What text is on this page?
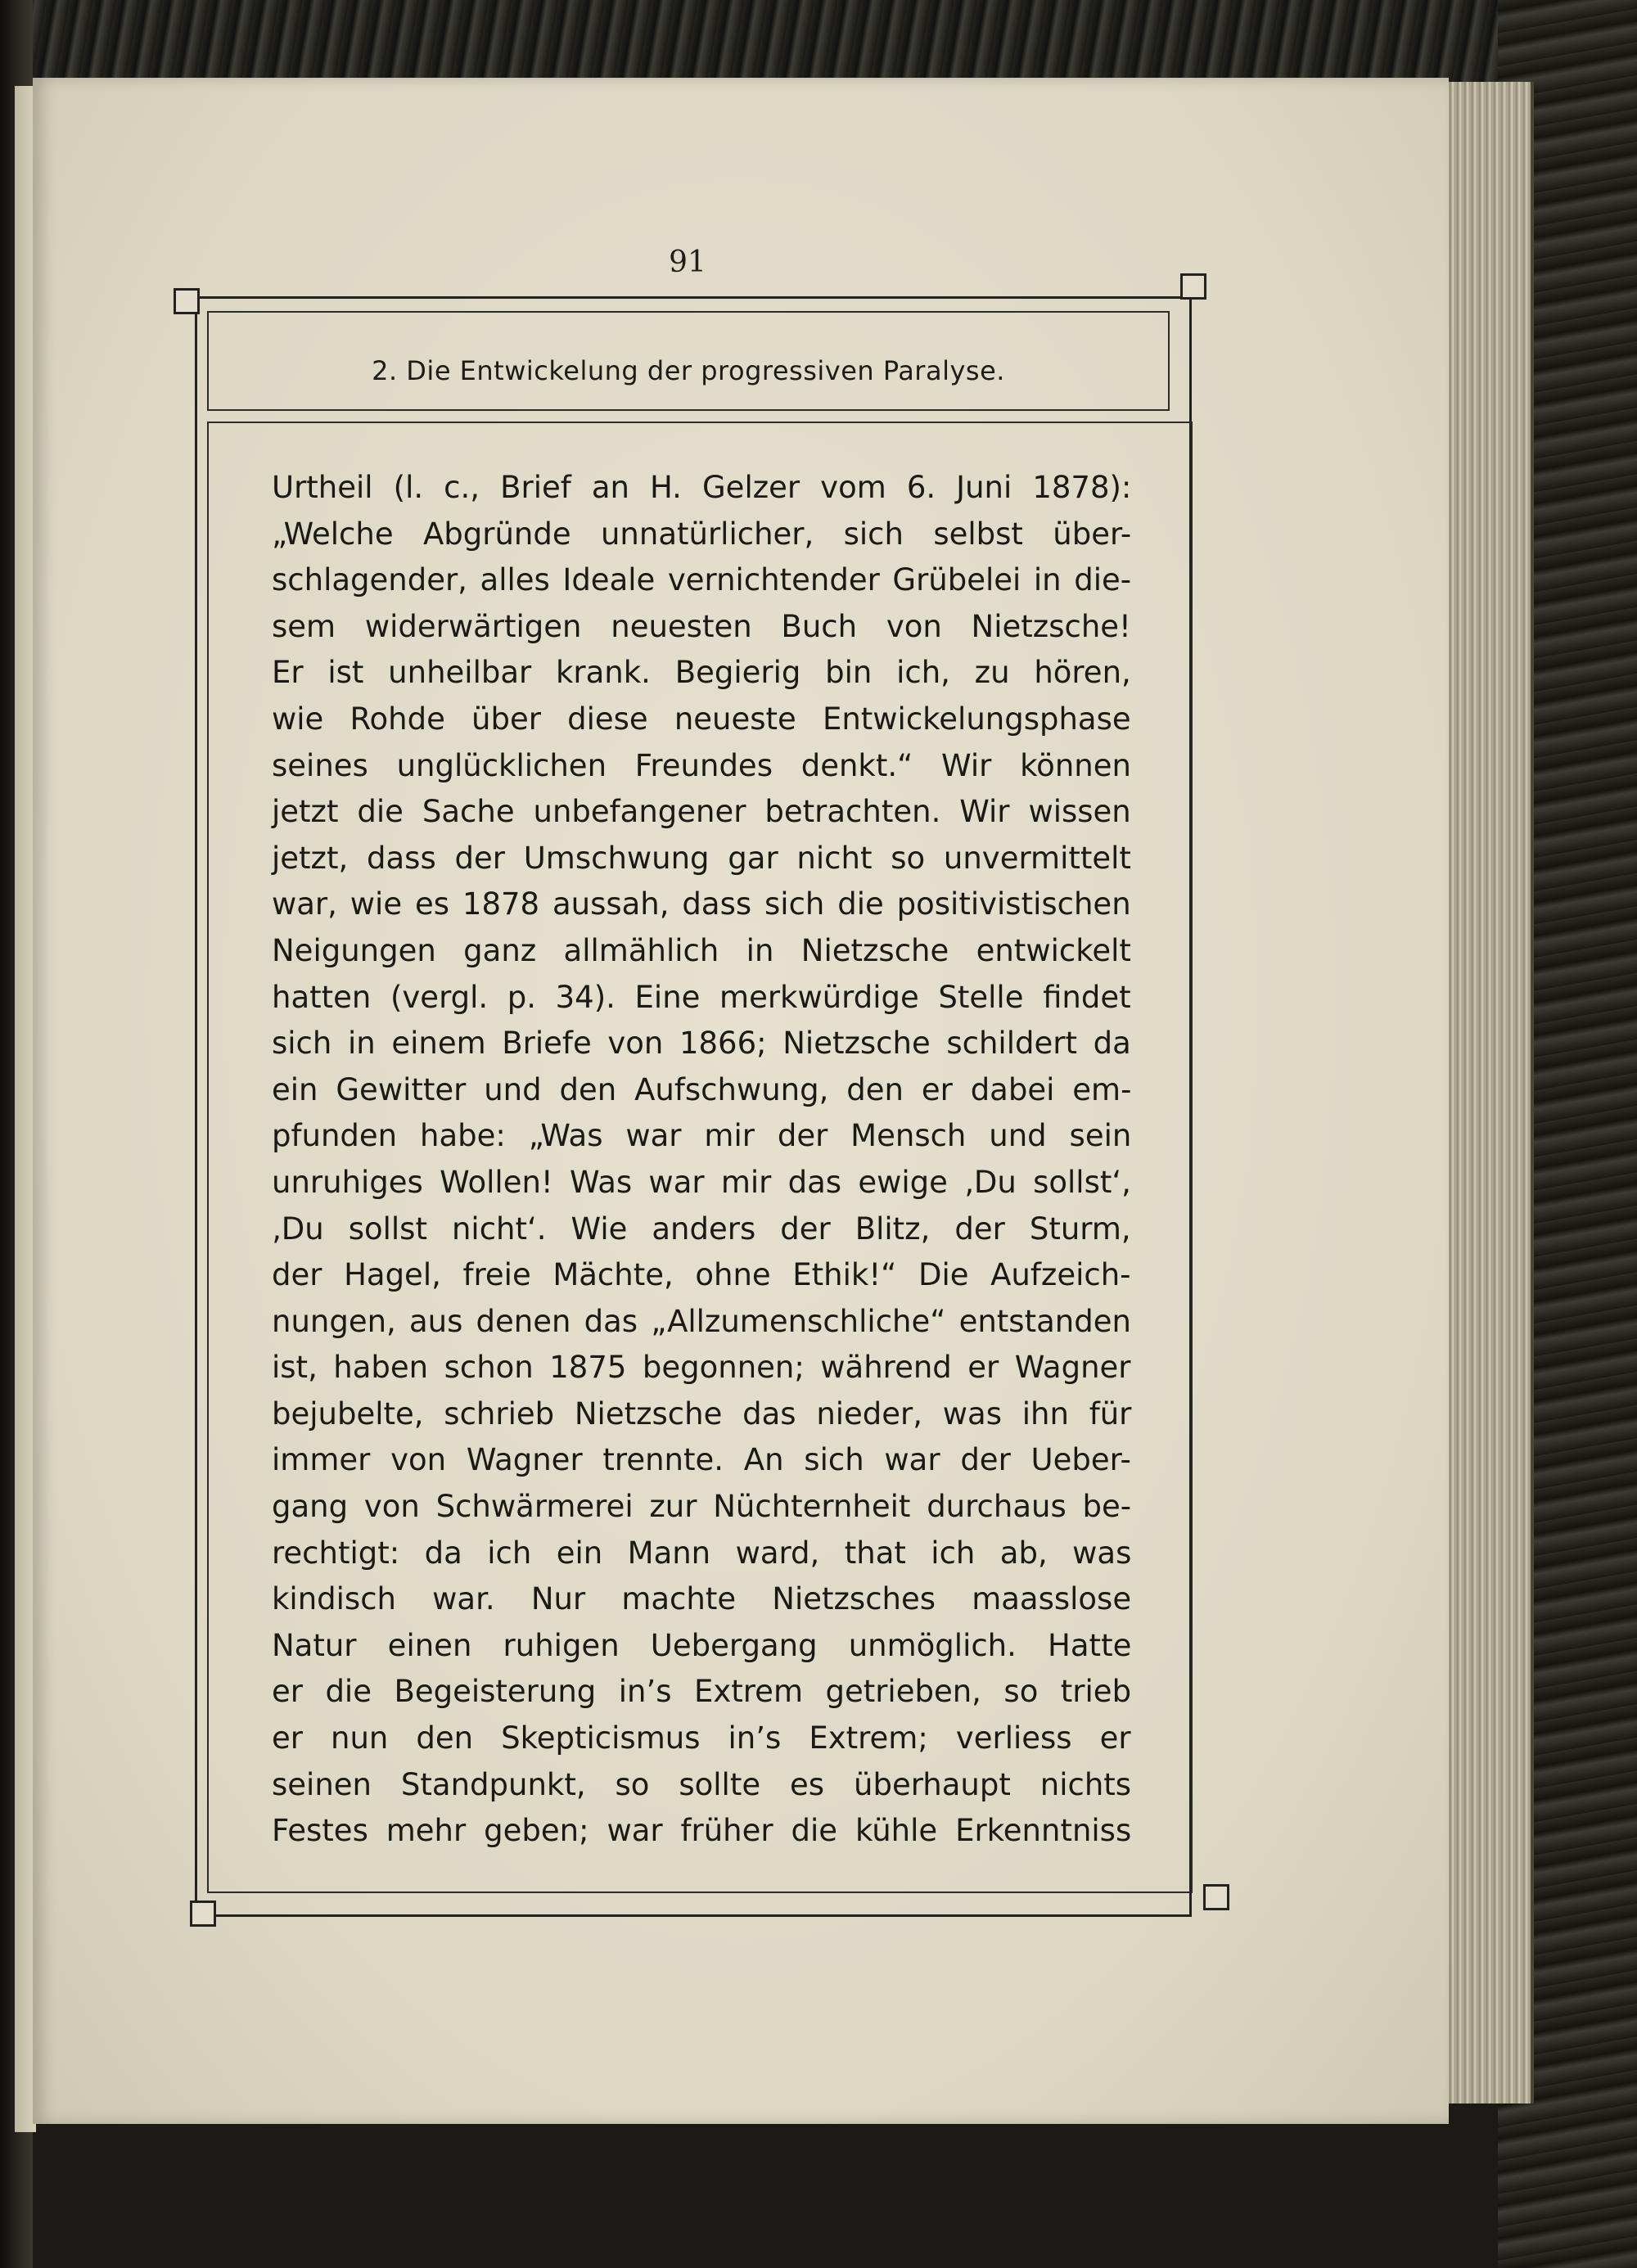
91
2. Die Entwickelung der progressiven Paralyse.
Urtheil (l. c., Brief an H. Gelzer vom 6. Juni 1878):
„Welche Abgründe unnatürlicher, sich selbst über-
schlagender, alles Ideale vernichtender Grübelei in die-
sem widerwärtigen neuesten Buch von Nietzsche!
Er ist unheilbar krank. Begierig bin ich, zu hören,
wie Rohde über diese neueste Entwickelungsphase
seines unglücklichen Freundes denkt.“ Wir können
jetzt die Sache unbefangener betrachten. Wir wissen
jetzt, dass der Umschwung gar nicht so unvermittelt
war, wie es 1878 aussah, dass sich die positivistischen
Neigungen ganz allmählich in Nietzsche entwickelt
hatten (vergl. p. 34). Eine merkwürdige Stelle findet
sich in einem Briefe von 1866; Nietzsche schildert da
ein Gewitter und den Aufschwung, den er dabei em-
pfunden habe: „Was war mir der Mensch und sein
unruhiges Wollen! Was war mir das ewige ‚Du sollst‘,
‚Du sollst nicht‘. Wie anders der Blitz, der Sturm,
der Hagel, freie Mächte, ohne Ethik!“ Die Aufzeich-
nungen, aus denen das „Allzumenschliche“ entstanden
ist, haben schon 1875 begonnen; während er Wagner
bejubelte, schrieb Nietzsche das nieder, was ihn für
immer von Wagner trennte. An sich war der Ueber-
gang von Schwärmerei zur Nüchternheit durchaus be-
rechtigt: da ich ein Mann ward, that ich ab, was
kindisch war. Nur machte Nietzsches maasslose
Natur einen ruhigen Uebergang unmöglich. Hatte
er die Begeisterung in’s Extrem getrieben, so trieb
er nun den Skepticismus in’s Extrem; verliess er
seinen Standpunkt, so sollte es überhaupt nichts
Festes mehr geben; war früher die kühle Erkenntniss
